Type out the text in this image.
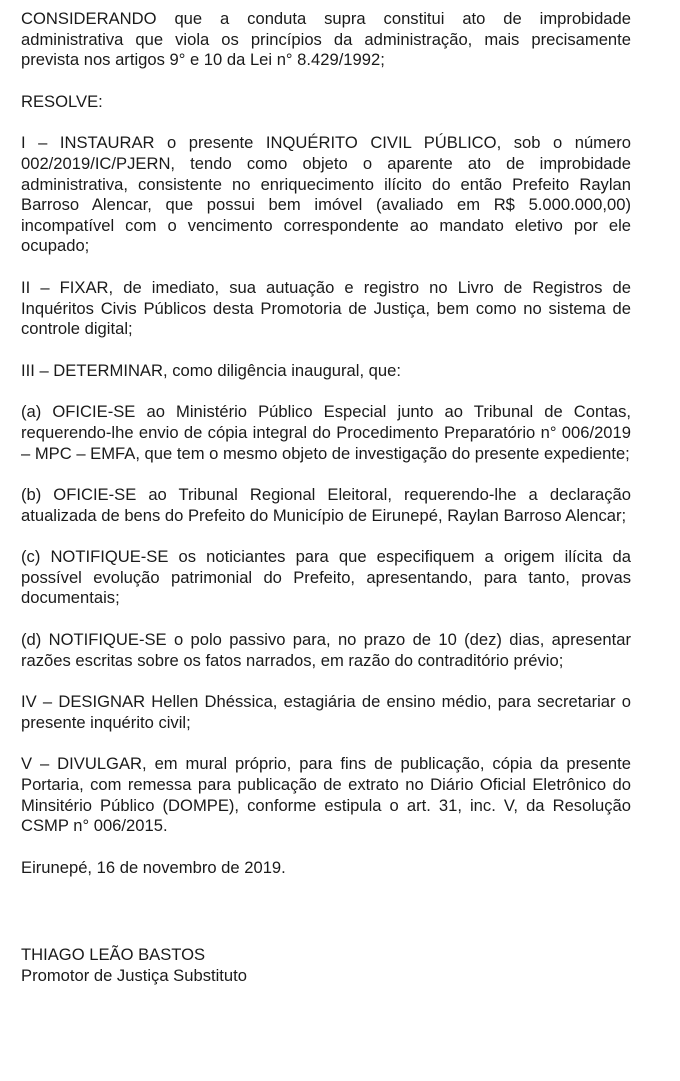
CONSIDERANDO que a conduta supra constitui ato de improbidade administrativa que viola os princípios da administração, mais precisamente prevista nos artigos 9° e 10 da Lei n° 8.429/1992;

RESOLVE:

I – INSTAURAR o presente INQUÉRITO CIVIL PÚBLICO, sob o número 002/2019/IC/PJERN, tendo como objeto o aparente ato de improbidade administrativa, consistente no enriquecimento ilícito do então Prefeito Raylan Barroso Alencar, que possui bem imóvel (avaliado em R$ 5.000.000,00) incompatível com o vencimento correspondente ao mandato eletivo por ele ocupado;

II – FIXAR, de imediato, sua autuação e registro no Livro de Registros de Inquéritos Civis Públicos desta Promotoria de Justiça, bem como no sistema de controle digital;

III – DETERMINAR, como diligência inaugural, que:

(a) OFICIE-SE ao Ministério Público Especial junto ao Tribunal de Contas, requerendo-lhe envio de cópia integral do Procedimento Preparatório n° 006/2019 – MPC – EMFA, que tem o mesmo objeto de investigação do presente expediente;

(b) OFICIE-SE ao Tribunal Regional Eleitoral, requerendo-lhe a declaração atualizada de bens do Prefeito do Município de Eirunepé, Raylan Barroso Alencar;

(c) NOTIFIQUE-SE os noticiantes para que especifiquem a origem ilícita da possível evolução patrimonial do Prefeito, apresentando, para tanto, provas documentais;

(d) NOTIFIQUE-SE o polo passivo para, no prazo de 10 (dez) dias, apresentar razões escritas sobre os fatos narrados, em razão do contraditório prévio;

IV – DESIGNAR Hellen Dhéssica, estagiária de ensino médio, para secretariar o presente inquérito civil;

V – DIVULGAR, em mural próprio, para fins de publicação, cópia da presente Portaria, com remessa para publicação de extrato no Diário Oficial Eletrônico do Minsitério Público (DOMPE), conforme estipula o art. 31, inc. V, da Resolução CSMP n° 006/2015.

Eirunepé, 16 de novembro de 2019.

THIAGO LEÃO BASTOS

Promotor de Justiça Substituto
